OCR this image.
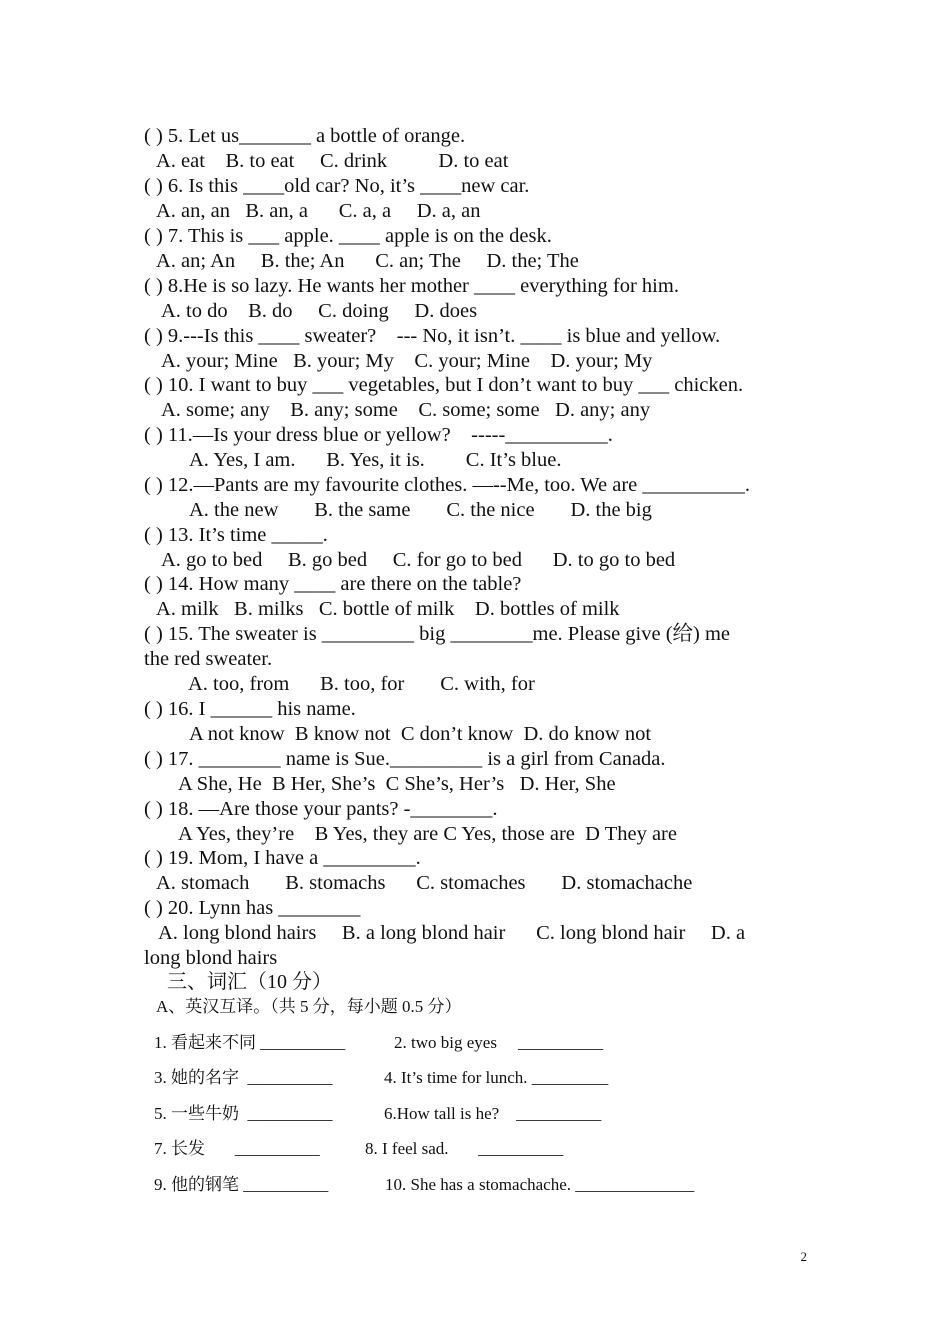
( ) 5. Let us_______ a bottle of orange.
A. eat    B. to eat     C. drink          D. to eat
( ) 6. Is this ____old car? No, it’s ____new car.
A. an, an   B. an, a      C. a, a     D. a, an
( ) 7. This is ___ apple. ____ apple is on the desk.
A. an; An     B. the; An      C. an; The     D. the; The
( ) 8.He is so lazy. He wants her mother ____ everything for him.
A. to do    B. do     C. doing     D. does
( ) 9.---Is this ____ sweater?    --- No, it isn’t. ____ is blue and yellow.
A. your; Mine   B. your; My    C. your; Mine    D. your; My
( ) 10. I want to buy ___ vegetables, but I don’t want to buy ___ chicken.
A. some; any    B. any; some    C. some; some   D. any; any
( ) 11.—Is your dress blue or yellow?    -----__________.
A. Yes, I am.      B. Yes, it is.        C. It’s blue.
( ) 12.—Pants are my favourite clothes. —--Me, too. We are __________.
A. the new       B. the same       C. the nice       D. the big
( ) 13. It’s time _____.
A. go to bed     B. go bed     C. for go to bed      D. to go to bed
( ) 14. How many ____ are there on the table?
A. milk   B. milks   C. bottle of milk    D. bottles of milk
( ) 15. The sweater is _________ big ________me. Please give (给) me
the red sweater.
A. too, from      B. too, for       C. with, for
( ) 16. I ______ his name.
A not know  B know not  C don’t know  D. do know not
( ) 17. ________ name is Sue._________ is a girl from Canada.
A She, He  B Her, She’s  C She’s, Her’s   D. Her, She
( ) 18. —Are those your pants? -________.
A Yes, they’re    B Yes, they are C Yes, those are  D They are
( ) 19. Mom, I have a _________.
A. stomach       B. stomachs      C. stomaches       D. stomachache
( ) 20. Lynn has ________
A. long blond hairs     B. a long blond hair      C. long blond hair     D. a
long blond hairs
三、词汇（10 分）
A、英汉互译。（共 5 分，每小题 0.5 分）
1. 看起来不同 __________	2. two big eyes     __________
3. 她的名字  __________	4. It’s time for lunch. _________
5. 一些牛奶  __________	6.How tall is he?    __________
7. 长发       __________	8. I feel sad.       __________
9. 他的钢笔 __________	10. She has a stomachache. ______________
2
